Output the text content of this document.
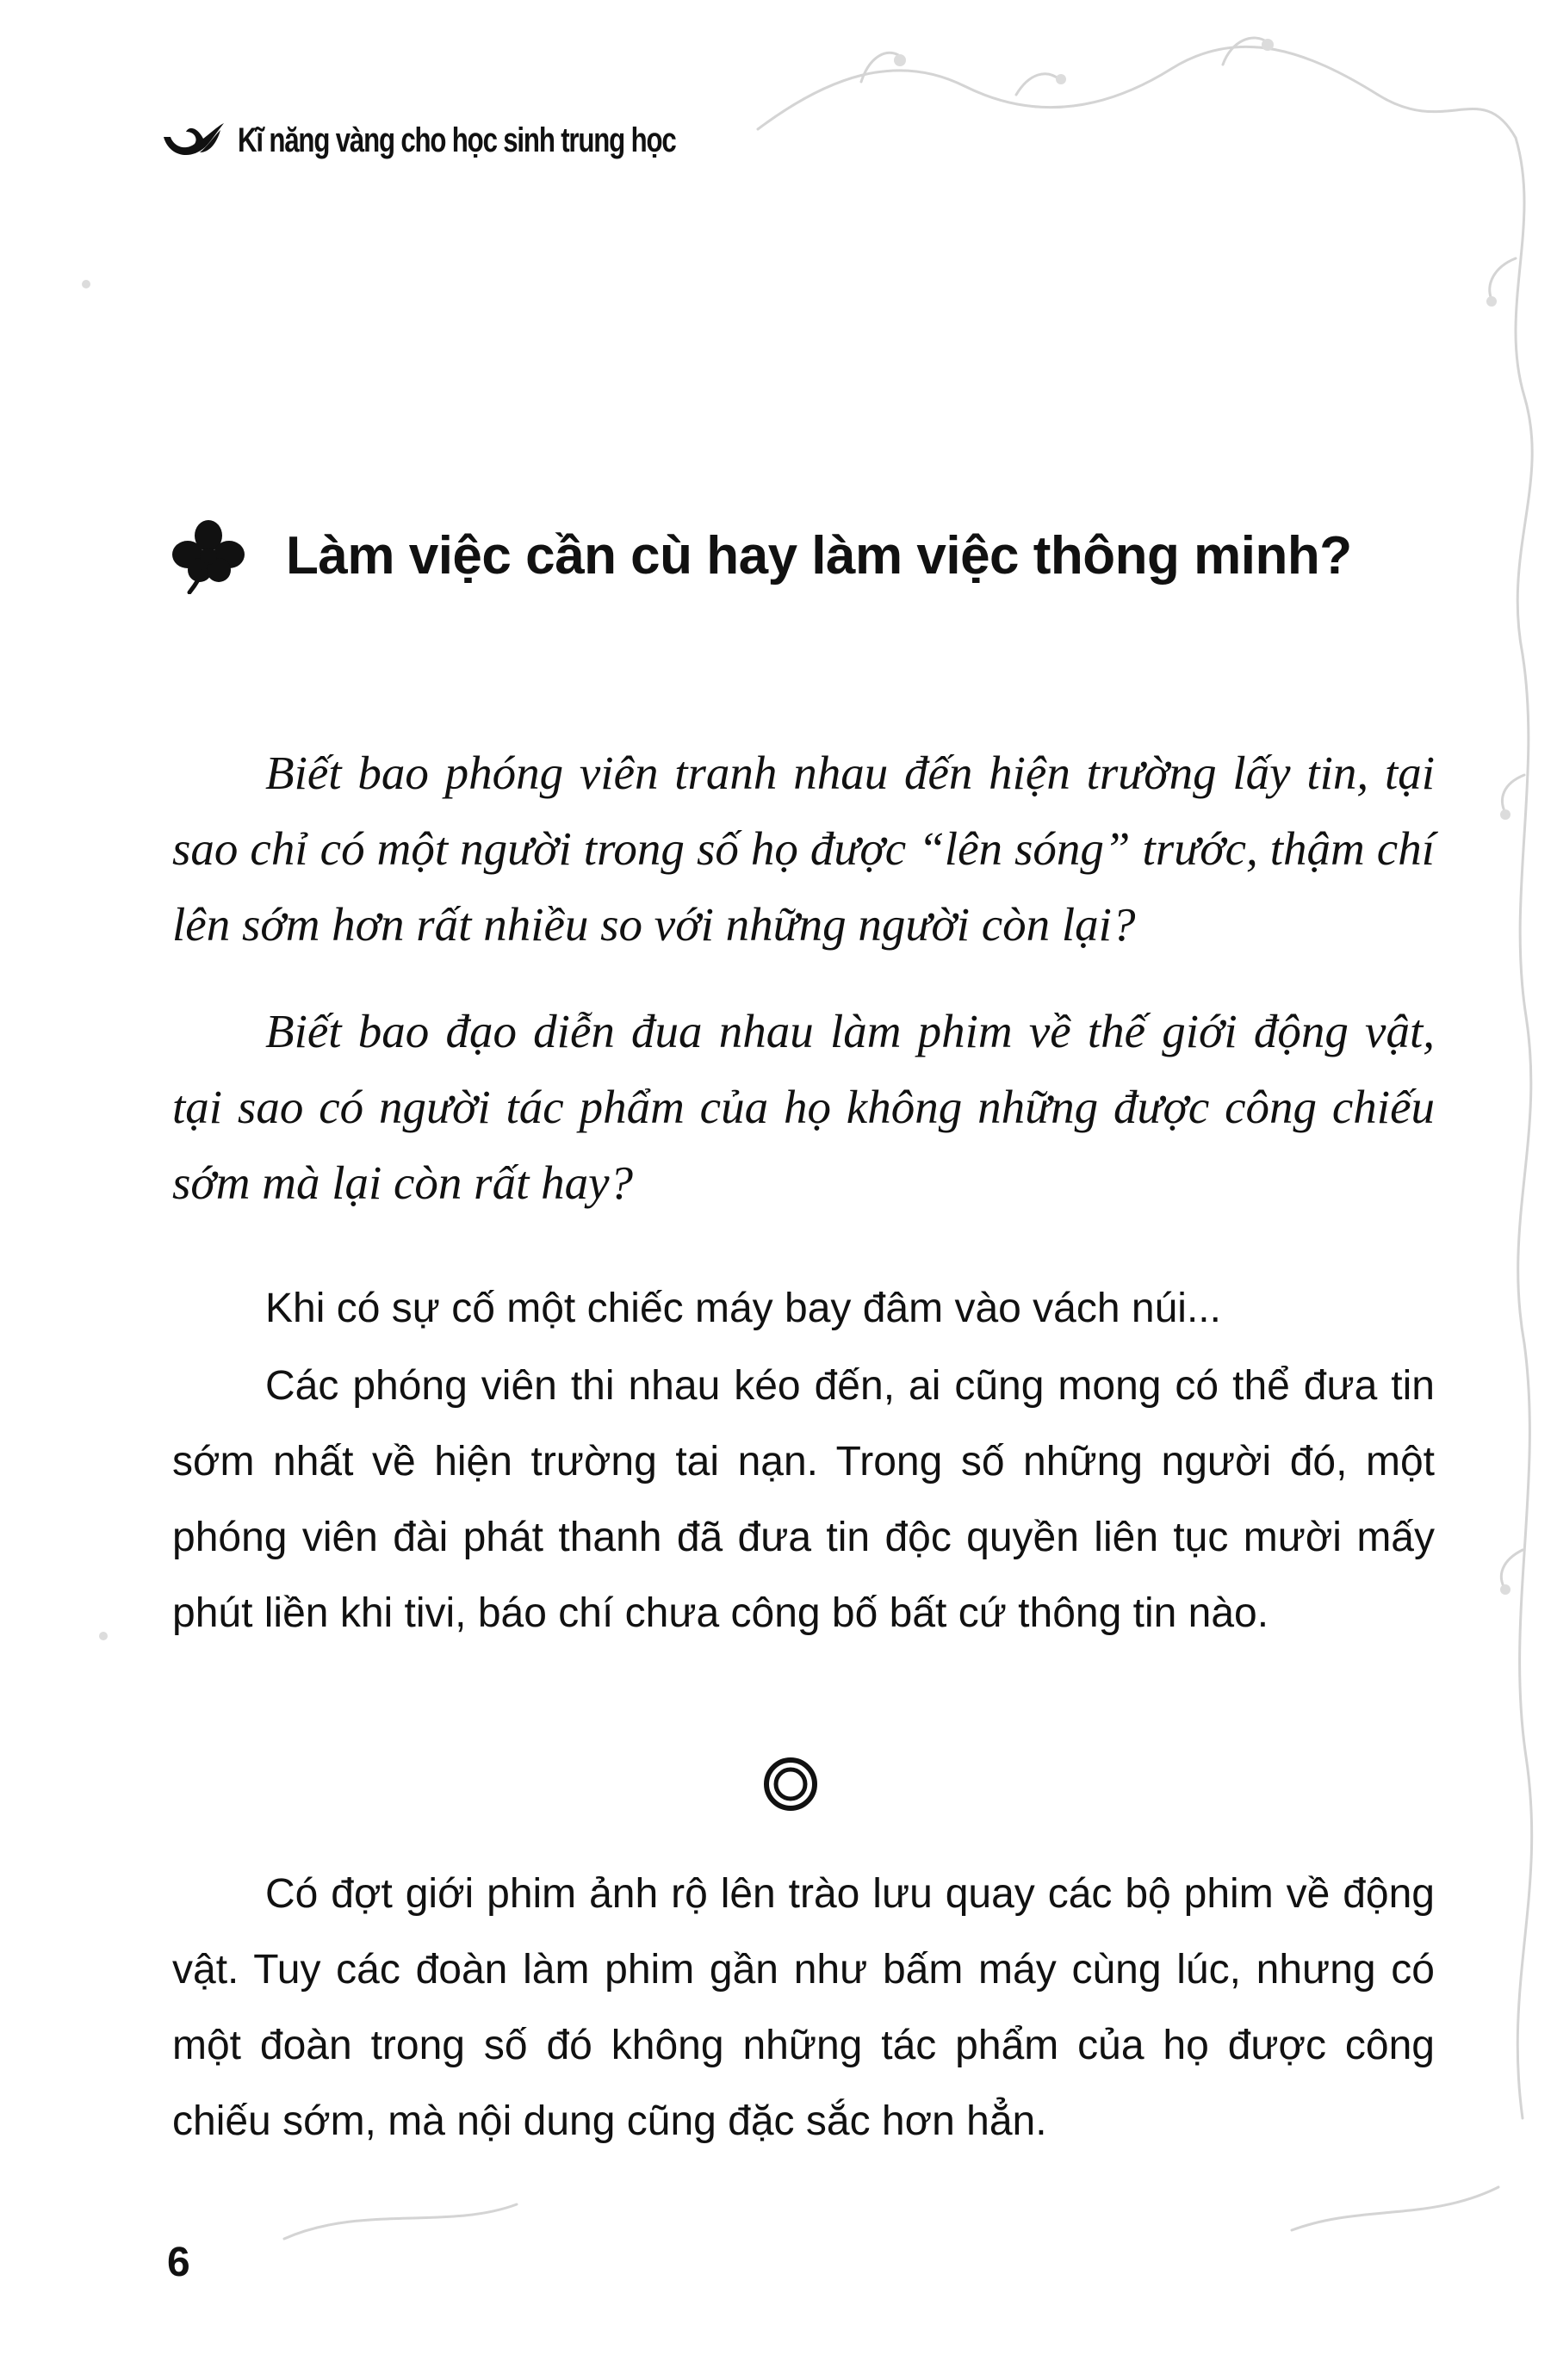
Kĩ năng vàng cho học sinh trung học
Làm việc cần cù hay làm việc thông minh?

Biết bao phóng viên tranh nhau đến hiện trường lấy tin, tại sao chỉ có một người trong số họ được “lên sóng” trước, thậm chí lên sớm hơn rất nhiều so với những người còn lại?

Biết bao đạo diễn đua nhau làm phim về thế giới động vật, tại sao có người tác phẩm của họ không những được công chiếu sớm mà lại còn rất hay?

Khi có sự cố một chiếc máy bay đâm vào vách núi...

Các phóng viên thi nhau kéo đến, ai cũng mong có thể đưa tin sớm nhất về hiện trường tai nạn. Trong số những người đó, một phóng viên đài phát thanh đã đưa tin độc quyền liên tục mười mấy phút liền khi tivi, báo chí chưa công bố bất cứ thông tin nào.

Có đợt giới phim ảnh rộ lên trào lưu quay các bộ phim về động vật. Tuy các đoàn làm phim gần như bấm máy cùng lúc, nhưng có một đoàn trong số đó không những tác phẩm của họ được công chiếu sớm, mà nội dung cũng đặc sắc hơn hẳn.

6
